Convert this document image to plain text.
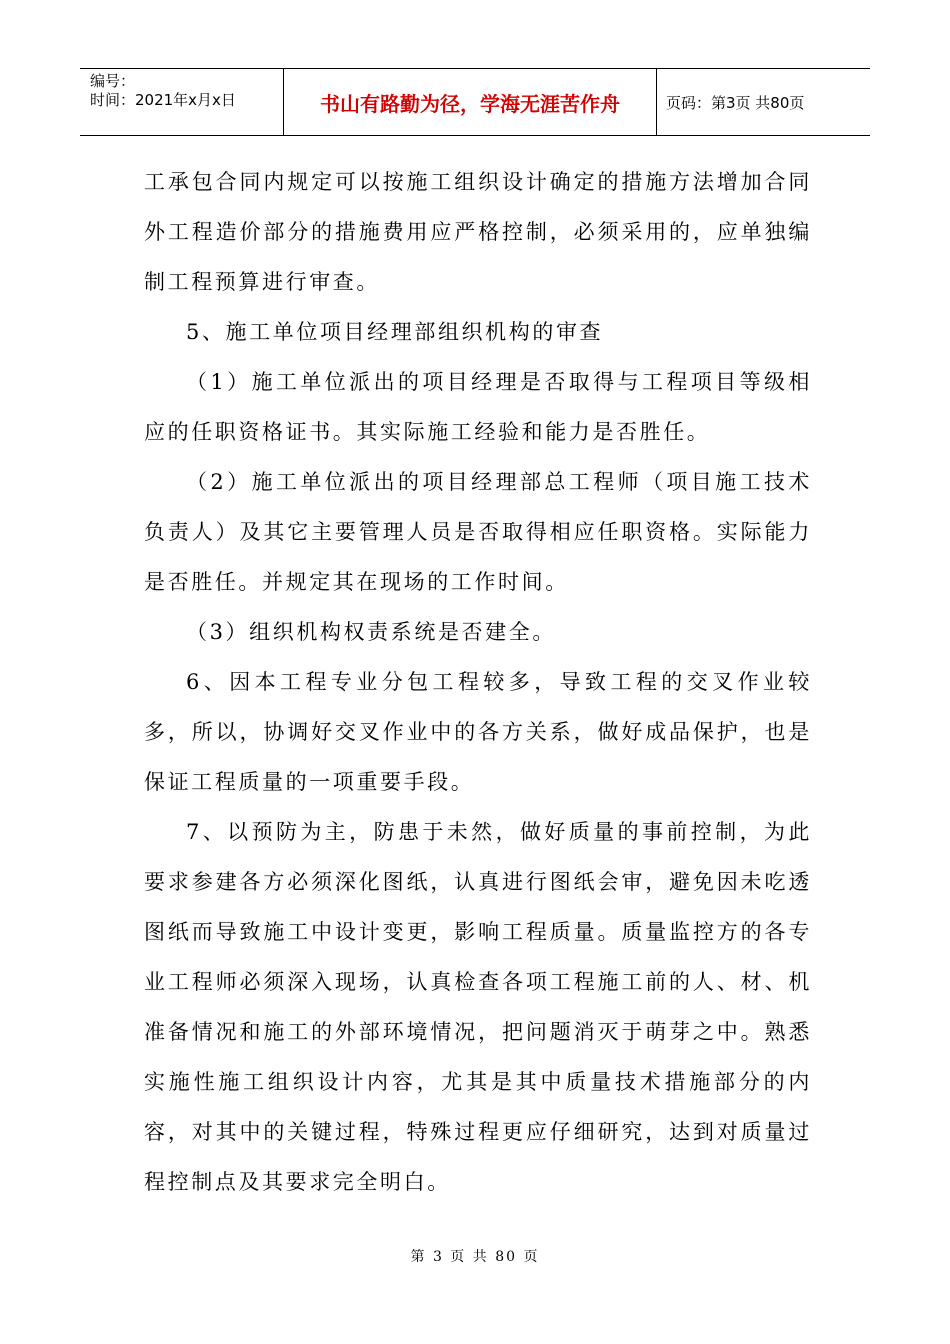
编号：
时间：2021年x月x日	书山有路勤为径，学海无涯苦作舟	页码：第3页 共80页

工承包合同内规定可以按施工组织设计确定的措施方法增加合同外工程造价部分的措施费用应严格控制，必须采用的，应单独编制工程预算进行审查。

5、施工单位项目经理部组织机构的审查

（1）施工单位派出的项目经理是否取得与工程项目等级相应的任职资格证书。其实际施工经验和能力是否胜任。

（2）施工单位派出的项目经理部总工程师（项目施工技术负责人）及其它主要管理人员是否取得相应任职资格。实际能力是否胜任。并规定其在现场的工作时间。

（3）组织机构权责系统是否建全。

6、因本工程专业分包工程较多，导致工程的交叉作业较多，所以，协调好交叉作业中的各方关系，做好成品保护，也是保证工程质量的一项重要手段。

7、以预防为主，防患于未然，做好质量的事前控制，为此要求参建各方必须深化图纸，认真进行图纸会审，避免因未吃透图纸而导致施工中设计变更，影响工程质量。质量监控方的各专业工程师必须深入现场，认真检查各项工程施工前的人、材、机准备情况和施工的外部环境情况，把问题消灭于萌芽之中。熟悉实施性施工组织设计内容，尤其是其中质量技术措施部分的内容，对其中的关键过程，特殊过程更应仔细研究，达到对质量过程控制点及其要求完全明白。

第 3 页 共 80 页
